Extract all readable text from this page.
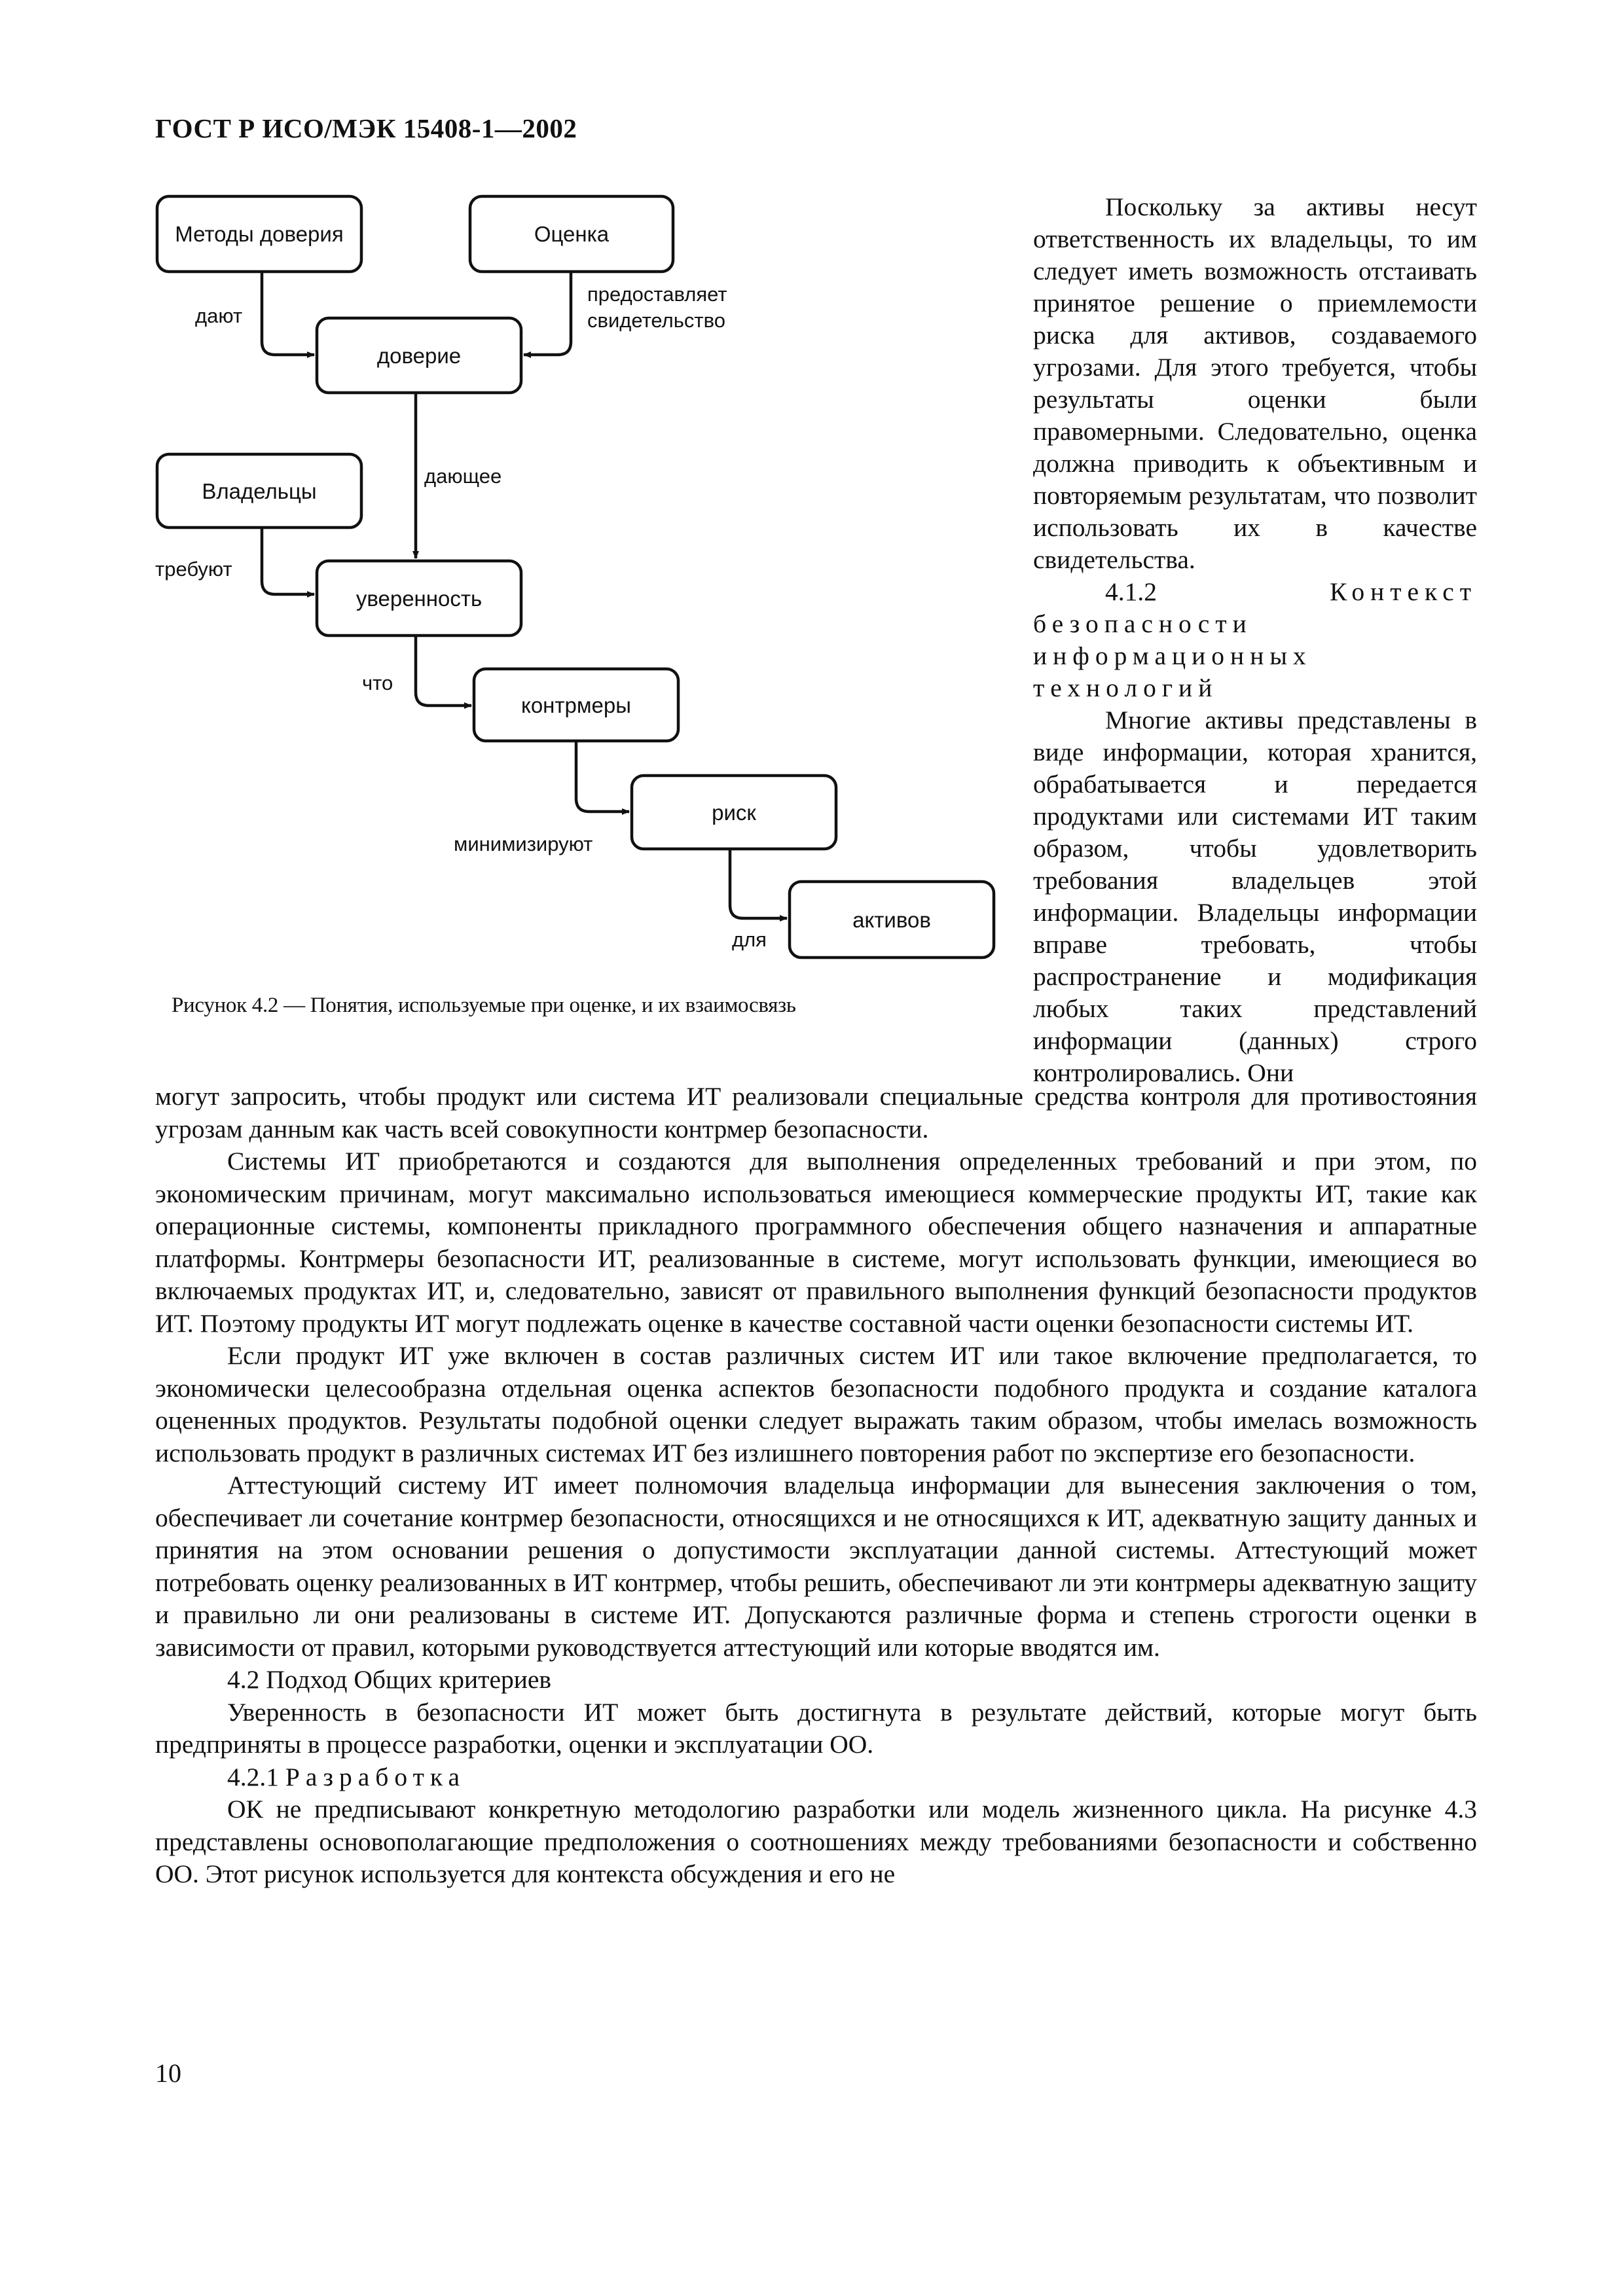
ГОСТ Р ИСО/МЭК 15408-1—2002
Методы доверия	Оценка
доверие
Владельцы
уверенность
контрмеры
риск
активов
дают
предоставляет
свидетельство
дающее
требуют
что
минимизируют
для
Рисунок 4.2 — Понятия, используемые при оценке, и их взаимосвязь

Поскольку за активы несут ответственность их владельцы, то им следует иметь возможность отстаивать принятое решение о приемлемости риска для активов, создаваемого угрозами. Для этого требуется, чтобы результаты оценки были правомерными. Следовательно, оценка должна приводить к объективным и повторяемым результатам, что позволит использовать их в качестве свидетельства.

4.1.2	Контекст безопасности информационных технологий

Многие активы представлены в виде информации, которая хранится, обрабатывается и передается продуктами или системами ИТ таким образом, чтобы удовлетворить требования владельцев этой информации. Владельцы информации вправе требовать, чтобы распространение и модификация любых таких представлений информации (данных) строго контролировались. Они

могут запросить, чтобы продукт или система ИТ реализовали специальные средства контроля для противостояния угрозам данным как часть всей совокупности контрмер безопасности.

Системы ИТ приобретаются и создаются для выполнения определенных требований и при этом, по экономическим причинам, могут максимально использоваться имеющиеся коммерческие продукты ИТ, такие как операционные системы, компоненты прикладного программного обеспечения общего назначения и аппаратные платформы. Контрмеры безопасности ИТ, реализованные в системе, могут использовать функции, имеющиеся во включаемых продуктах ИТ, и, следовательно, зависят от правильного выполнения функций безопасности продуктов ИТ. Поэтому продукты ИТ могут подлежать оценке в качестве составной части оценки безопасности системы ИТ.

Если продукт ИТ уже включен в состав различных систем ИТ или такое включение предполагается, то экономически целесообразна отдельная оценка аспектов безопасности подобного продукта и создание каталога оцененных продуктов. Результаты подобной оценки следует выражать таким образом, чтобы имелась возможность использовать продукт в различных системах ИТ без излишнего повторения работ по экспертизе его безопасности.

Аттестующий систему ИТ имеет полномочия владельца информации для вынесения заключения о том, обеспечивает ли сочетание контрмер безопасности, относящихся и не относящихся к ИТ, адекватную защиту данных и принятия на этом основании решения о допустимости эксплуатации данной системы. Аттестующий может потребовать оценку реализованных в ИТ контрмер, чтобы решить, обеспечивают ли эти контрмеры адекватную защиту и правильно ли они реализованы в системе ИТ. Допускаются различные форма и степень строгости оценки в зависимости от правил, которыми руководствуется аттестующий или которые вводятся им.

4.2 Подход Общих критериев

Уверенность в безопасности ИТ может быть достигнута в результате действий, которые могут быть предприняты в процессе разработки, оценки и эксплуатации ОО.

4.2.1 Разработка

ОК не предписывают конкретную методологию разработки или модель жизненного цикла. На рисунке 4.3 представлены основополагающие предположения о соотношениях между требованиями безопасности и собственно ОО. Этот рисунок используется для контекста обсуждения и его не

10
